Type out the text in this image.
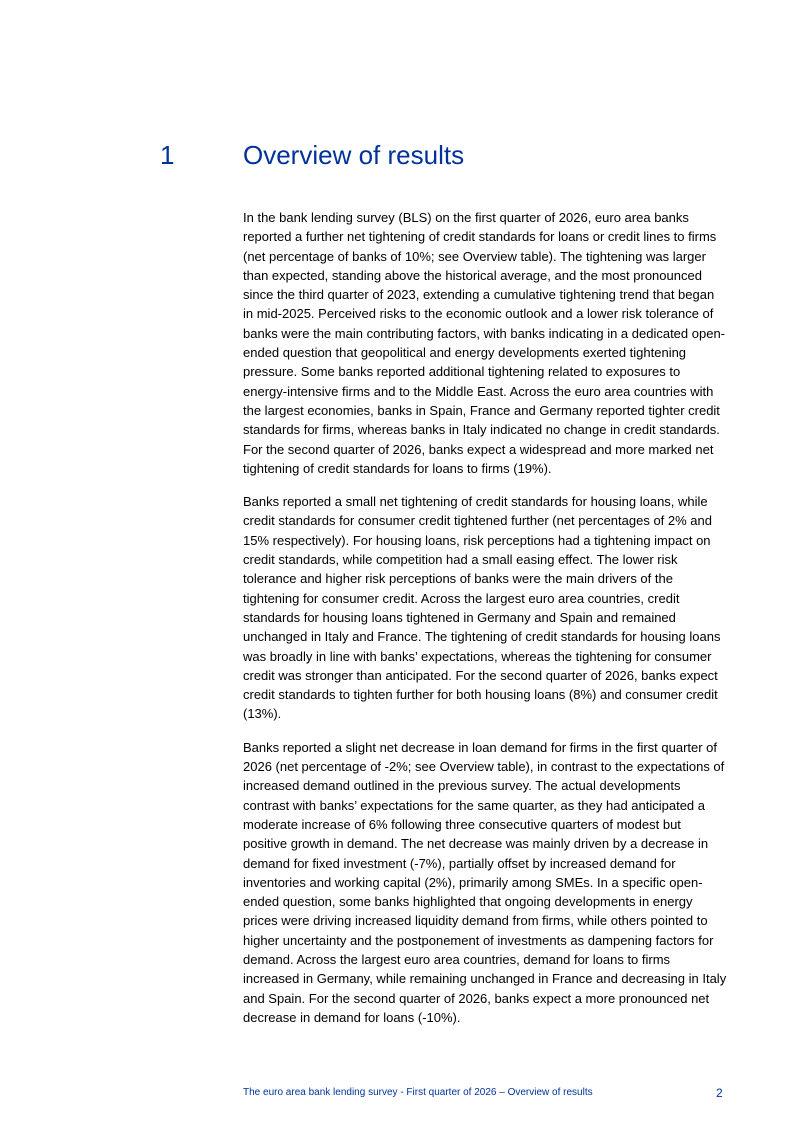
1	Overview of results

In the bank lending survey (BLS) on the first quarter of 2026, euro area banks reported a further net tightening of credit standards for loans or credit lines to firms (net percentage of banks of 10%; see Overview table). The tightening was larger than expected, standing above the historical average, and the most pronounced since the third quarter of 2023, extending a cumulative tightening trend that began in mid-2025. Perceived risks to the economic outlook and a lower risk tolerance of banks were the main contributing factors, with banks indicating in a dedicated open-ended question that geopolitical and energy developments exerted tightening pressure. Some banks reported additional tightening related to exposures to energy-intensive firms and to the Middle East. Across the euro area countries with the largest economies, banks in Spain, France and Germany reported tighter credit standards for firms, whereas banks in Italy indicated no change in credit standards. For the second quarter of 2026, banks expect a widespread and more marked net tightening of credit standards for loans to firms (19%).

Banks reported a small net tightening of credit standards for housing loans, while credit standards for consumer credit tightened further (net percentages of 2% and 15% respectively). For housing loans, risk perceptions had a tightening impact on credit standards, while competition had a small easing effect. The lower risk tolerance and higher risk perceptions of banks were the main drivers of the tightening for consumer credit. Across the largest euro area countries, credit standards for housing loans tightened in Germany and Spain and remained unchanged in Italy and France. The tightening of credit standards for housing loans was broadly in line with banks’ expectations, whereas the tightening for consumer credit was stronger than anticipated. For the second quarter of 2026, banks expect credit standards to tighten further for both housing loans (8%) and consumer credit (13%).

Banks reported a slight net decrease in loan demand for firms in the first quarter of 2026 (net percentage of -2%; see Overview table), in contrast to the expectations of increased demand outlined in the previous survey. The actual developments contrast with banks’ expectations for the same quarter, as they had anticipated a moderate increase of 6% following three consecutive quarters of modest but positive growth in demand. The net decrease was mainly driven by a decrease in demand for fixed investment (-7%), partially offset by increased demand for inventories and working capital (2%), primarily among SMEs. In a specific open-ended question, some banks highlighted that ongoing developments in energy prices were driving increased liquidity demand from firms, while others pointed to higher uncertainty and the postponement of investments as dampening factors for demand. Across the largest euro area countries, demand for loans to firms increased in Germany, while remaining unchanged in France and decreasing in Italy and Spain. For the second quarter of 2026, banks expect a more pronounced net decrease in demand for loans (-10%).

The euro area bank lending survey - First quarter of 2026 – Overview of results	2
